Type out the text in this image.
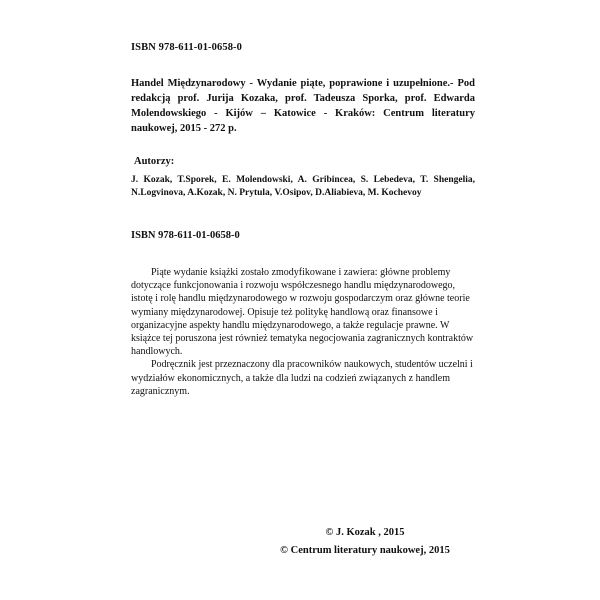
ISBN 978-611-01-0658-0
Handel Międzynarodowy - Wydanie piąte, poprawione i uzupełnione.- Pod redakcją prof. Jurija Kozaka, prof. Tadeusza Sporka, prof. Edwarda Molendowskiego - Kijów – Katowice - Kraków: Centrum literatury naukowej, 2015 - 272 p.
Autorzy:
J. Kozak, T.Sporek, E. Molendowski, A. Gribincea, S. Lebedeva, T. Shengelia, N.Logvinova, A.Kozak, N. Prytula, V.Osipov, D.Aliabieva, M. Kochevoy
ISBN 978-611-01-0658-0

Piąte wydanie książki zostało zmodyfikowane i zawiera: główne problemy dotyczące funkcjonowania i rozwoju współczesnego handlu międzynarodowego, istotę i rolę handlu międzynarodowego w rozwoju gospodarczym oraz główne teorie wymiany międzynarodowej. Opisuje też politykę handlową oraz finansowe i organizacyjne aspekty handlu międzynarodowego, a także regulacje prawne. W książce tej poruszona jest również tematyka negocjowania zagranicznych kontraktów handlowych.

Podręcznik jest przeznaczony dla pracowników naukowych, studentów uczelni i wydziałów ekonomicznych, a także dla ludzi na codzień związanych z handlem zagranicznym.

© J. Kozak , 2015
© Centrum literatury naukowej, 2015
